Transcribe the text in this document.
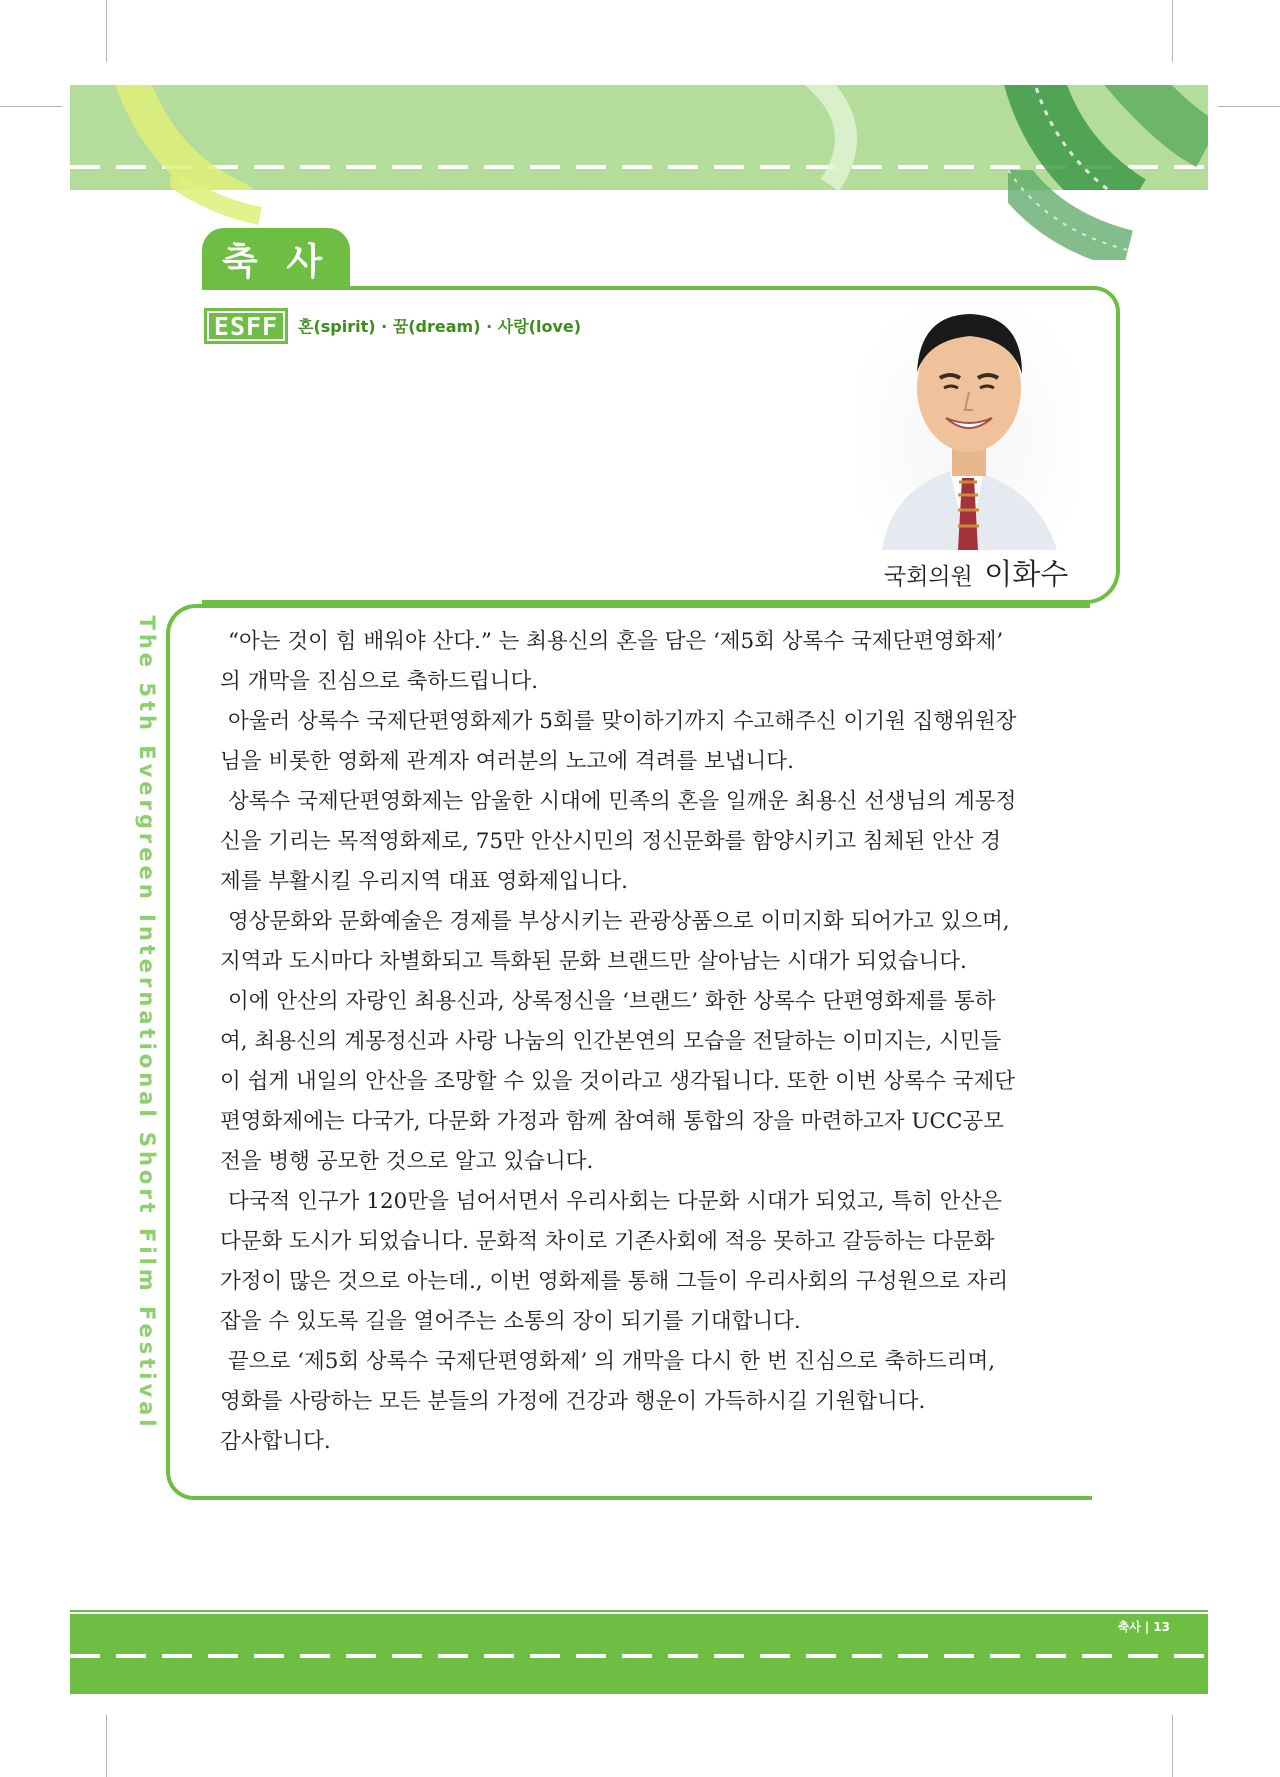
축 사
ESFF	혼(spirit) · 꿈(dream) · 사랑(love)
국회의원 이화수
The 5th Evergreen International Short Film Festival	“아는 것이 힘 배워야 산다.” 는 최용신의 혼을 담은 ‘제5회 상록수 국제단편영화제’ 의 개막을 진심으로 축하드립니다.

아울러 상록수 국제단편영화제가 5회를 맞이하기까지 수고해주신 이기원 집행위원장님을 비롯한 영화제 관계자 여러분의 노고에 격려를 보냅니다.

상록수 국제단편영화제는 암울한 시대에 민족의 혼을 일깨운 최용신 선생님의 계몽정신을 기리는 목적영화제로, 75만 안산시민의 정신문화를 함양시키고 침체된 안산 경제를 부활시킬 우리지역 대표 영화제입니다.

영상문화와 문화예술은 경제를 부상시키는 관광상품으로 이미지화 되어가고 있으며, 지역과 도시마다 차별화되고 특화된 문화 브랜드만 살아남는 시대가 되었습니다.

이에 안산의 자랑인 최용신과, 상록정신을 ‘브랜드’ 화한 상록수 단편영화제를 통하여, 최용신의 계몽정신과 사랑 나눔의 인간본연의 모습을 전달하는 이미지는, 시민들이 쉽게 내일의 안산을 조망할 수 있을 것이라고 생각됩니다. 또한 이번 상록수 국제단편영화제에는 다국가, 다문화 가정과 함께 참여해 통합의 장을 마련하고자 UCC공모전을 병행 공모한 것으로 알고 있습니다.

다국적 인구가 120만을 넘어서면서 우리사회는 다문화 시대가 되었고, 특히 안산은 다문화 도시가 되었습니다. 문화적 차이로 기존사회에 적응 못하고 갈등하는 다문화 가정이 많은 것으로 아는데., 이번 영화제를 통해 그들이 우리사회의 구성원으로 자리 잡을 수 있도록 길을 열어주는 소통의 장이 되기를 기대합니다.

끝으로 ‘제5회 상록수 국제단편영화제’ 의 개막을 다시 한 번 진심으로 축하드리며, 영화를 사랑하는 모든 분들의 가정에 건강과 행운이 가득하시길 기원합니다.

감사합니다.

축사 | 13
